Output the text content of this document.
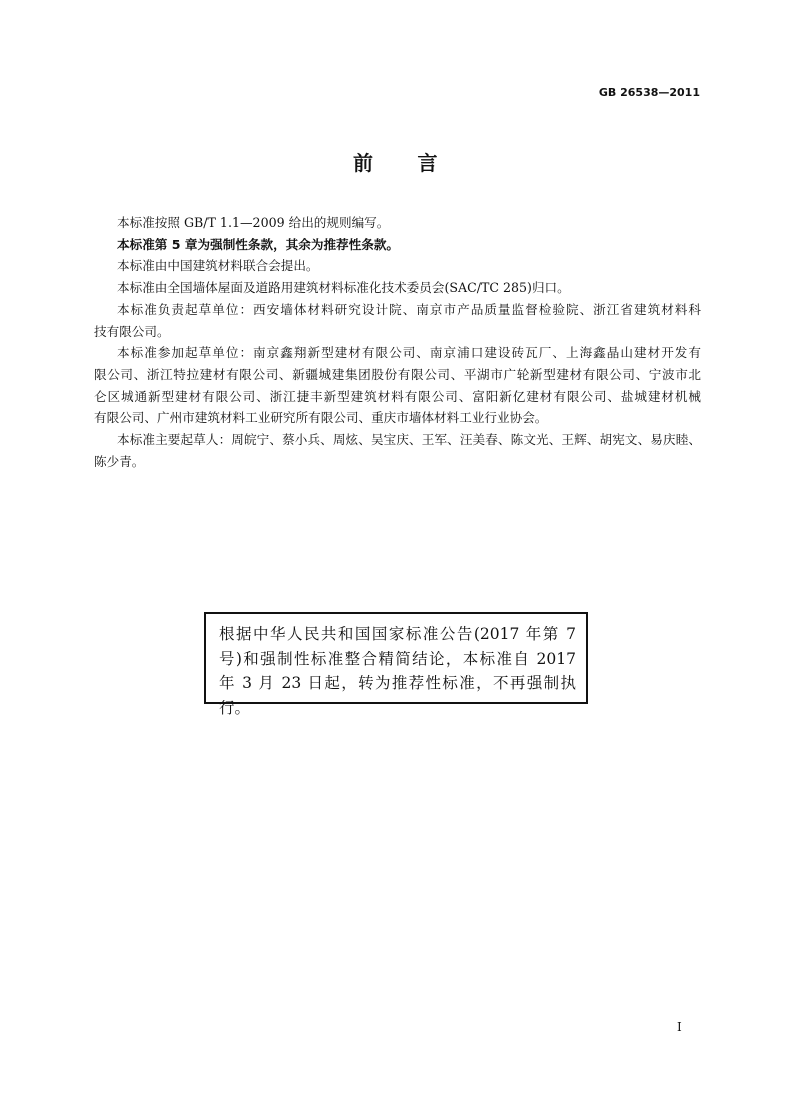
GB 26538—2011
前　　言
本标准按照 GB/T 1.1—2009 给出的规则编写。
本标准第 5 章为强制性条款，其余为推荐性条款。
本标准由中国建筑材料联合会提出。
本标准由全国墙体屋面及道路用建筑材料标准化技术委员会(SAC/TC 285)归口。
本标准负责起草单位：西安墙体材料研究设计院、南京市产品质量监督检验院、浙江省建筑材料科
技有限公司。
本标准参加起草单位：南京鑫翔新型建材有限公司、南京浦口建设砖瓦厂、上海鑫晶山建材开发有
限公司、浙江特拉建材有限公司、新疆城建集团股份有限公司、平湖市广轮新型建材有限公司、宁波市北
仑区城通新型建材有限公司、浙江捷丰新型建筑材料有限公司、富阳新亿建材有限公司、盐城建材机械
有限公司、广州市建筑材料工业研究所有限公司、重庆市墙体材料工业行业协会。
本标准主要起草人：周皖宁、蔡小兵、周炫、吴宝庆、王军、汪美春、陈文光、王辉、胡宪文、易庆睦、
陈少青。
根据中华人民共和国国家标准公告(2017 年第 7
号)和强制性标准整合精简结论，本标准自 2017
年 3 月 23 日起，转为推荐性标准，不再强制执行。
I
